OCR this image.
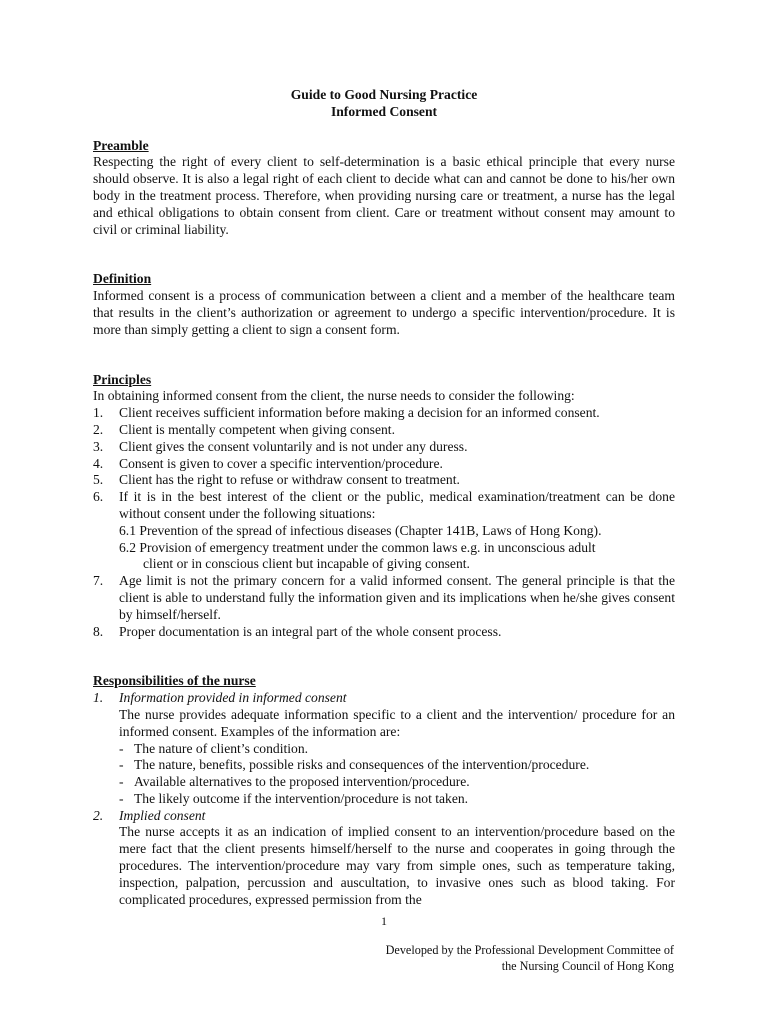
Guide to Good Nursing Practice
Informed Consent
Preamble
Respecting the right of every client to self-determination is a basic ethical principle that every nurse should observe. It is also a legal right of each client to decide what can and cannot be done to his/her own body in the treatment process. Therefore, when providing nursing care or treatment, a nurse has the legal and ethical obligations to obtain consent from client. Care or treatment without consent may amount to civil or criminal liability.
Definition
Informed consent is a process of communication between a client and a member of the healthcare team that results in the client’s authorization or agreement to undergo a specific intervention/procedure. It is more than simply getting a client to sign a consent form.
Principles
In obtaining informed consent from the client, the nurse needs to consider the following:
1.	Client receives sufficient information before making a decision for an informed consent.
2.	Client is mentally competent when giving consent.
3.	Client gives the consent voluntarily and is not under any duress.
4.	Consent is given to cover a specific intervention/procedure.
5.	Client has the right to refuse or withdraw consent to treatment.
6.	If it is in the best interest of the client or the public, medical examination/treatment can be done without consent under the following situations:
6.1 Prevention of the spread of infectious diseases (Chapter 141B, Laws of Hong Kong).
6.2 Provision of emergency treatment under the common laws e.g. in unconscious adult
client or in conscious client but incapable of giving consent.
7.	Age limit is not the primary concern for a valid informed consent. The general principle is that the client is able to understand fully the information given and its implications when he/she gives consent by himself/herself.
8.	Proper documentation is an integral part of the whole consent process.
Responsibilities of the nurse
1.	Information provided in informed consent
The nurse provides adequate information specific to a client and the intervention/ procedure for an informed consent. Examples of the information are:
- The nature of client’s condition.
- The nature, benefits, possible risks and consequences of the intervention/procedure.
- Available alternatives to the proposed intervention/procedure.
- The likely outcome if the intervention/procedure is not taken.
2.	Implied consent
The nurse accepts it as an indication of implied consent to an intervention/procedure based on the mere fact that the client presents himself/herself to the nurse and cooperates in going through the procedures. The intervention/procedure may vary from simple ones, such as temperature taking, inspection, palpation, percussion and auscultation, to invasive ones such as blood taking. For complicated procedures, expressed permission from the
1
Developed by the Professional Development Committee of
the Nursing Council of Hong Kong
